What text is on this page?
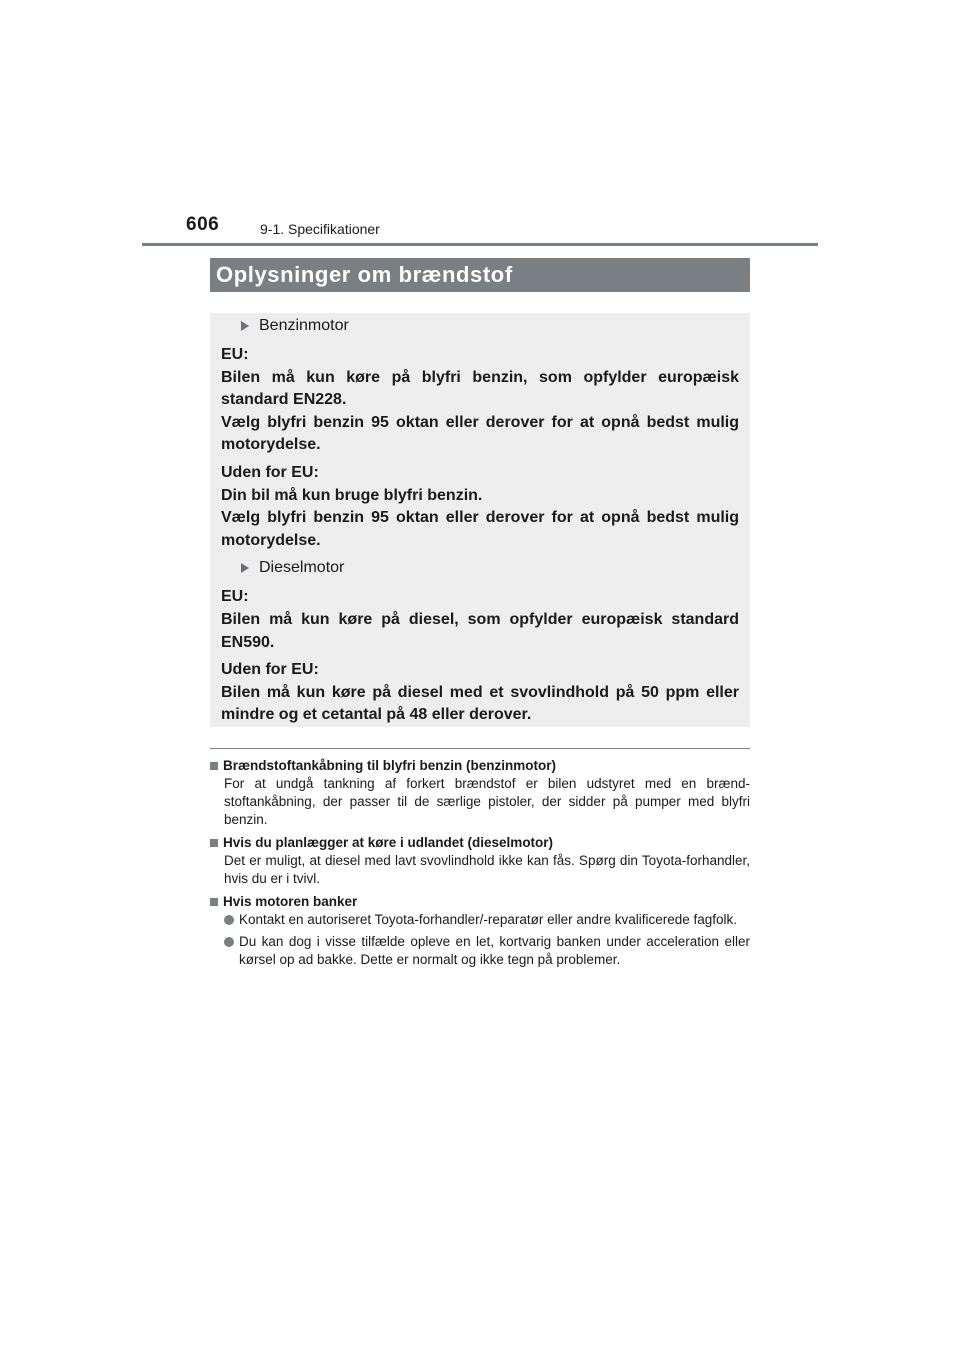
606	9-1. Specifikationer
Oplysninger om brændstof
Benzinmotor

EU:

Bilen må kun køre på blyfri benzin, som opfylder europæisk standard EN228.

Vælg blyfri benzin 95 oktan eller derover for at opnå bedst mulig motorydelse.

Uden for EU:

Din bil må kun bruge blyfri benzin.

Vælg blyfri benzin 95 oktan eller derover for at opnå bedst mulig motorydelse.

Dieselmotor

EU:

Bilen må kun køre på diesel, som opfylder europæisk standard EN590.

Uden for EU:

Bilen må kun køre på diesel med et svovlindhold på 50 ppm eller mindre og et cetantal på 48 eller derover.

Brændstoftankåbning til blyfri benzin (benzinmotor)
For at undgå tankning af forkert brændstof er bilen udstyret med en brænd-stoftankåbning, der passer til de særlige pistoler, der sidder på pumper med blyfri benzin.
Hvis du planlægger at køre i udlandet (dieselmotor)
Det er muligt, at diesel med lavt svovlindhold ikke kan fås. Spørg din Toyota-forhandler, hvis du er i tvivl.
Hvis motoren banker
Kontakt en autoriseret Toyota-forhandler/-reparatør eller andre kvalificerede fagfolk.
Du kan dog i visse tilfælde opleve en let, kortvarig banken under acceleration eller kørsel op ad bakke. Dette er normalt og ikke tegn på problemer.
